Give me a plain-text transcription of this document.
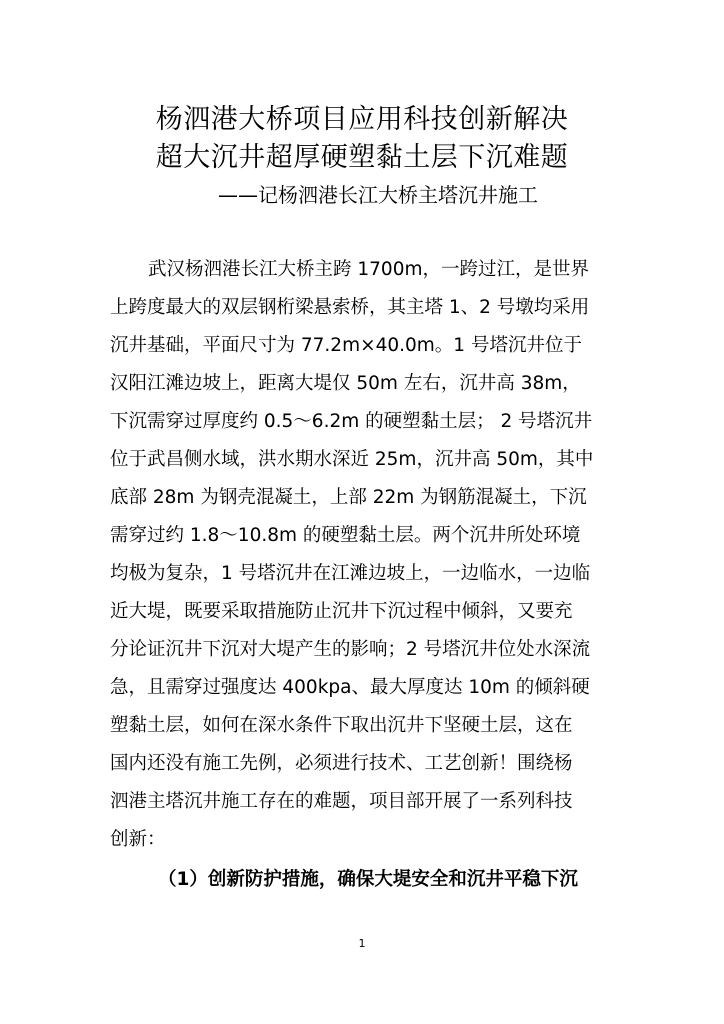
杨泗港大桥项目应用科技创新解决
超大沉井超厚硬塑黏土层下沉难题
——记杨泗港长江大桥主塔沉井施工
武汉杨泗港长江大桥主跨 1700m，一跨过江，是世界
上跨度最大的双层钢桁梁悬索桥，其主塔 1、2 号墩均采用
沉井基础，平面尺寸为 77.2m×40.0m。1 号塔沉井位于
汉阳江滩边坡上，距离大堤仅 50m 左右，沉井高 38m，
下沉需穿过厚度约 0.5～6.2m 的硬塑黏土层； 2 号塔沉井
位于武昌侧水域，洪水期水深近 25m，沉井高 50m，其中
底部 28m 为钢壳混凝土，上部 22m 为钢筋混凝土，下沉
需穿过约 1.8～10.8m 的硬塑黏土层。两个沉井所处环境
均极为复杂，1 号塔沉井在江滩边坡上，一边临水，一边临
近大堤，既要采取措施防止沉井下沉过程中倾斜，又要充
分论证沉井下沉对大堤产生的影响；2 号塔沉井位处水深流
急，且需穿过强度达 400kpa、最大厚度达 10m 的倾斜硬
塑黏土层，如何在深水条件下取出沉井下坚硬土层，这在
国内还没有施工先例，必须进行技术、工艺创新！围绕杨
泗港主塔沉井施工存在的难题，项目部开展了一系列科技
创新：
（1）创新防护措施，确保大堤安全和沉井平稳下沉
1
